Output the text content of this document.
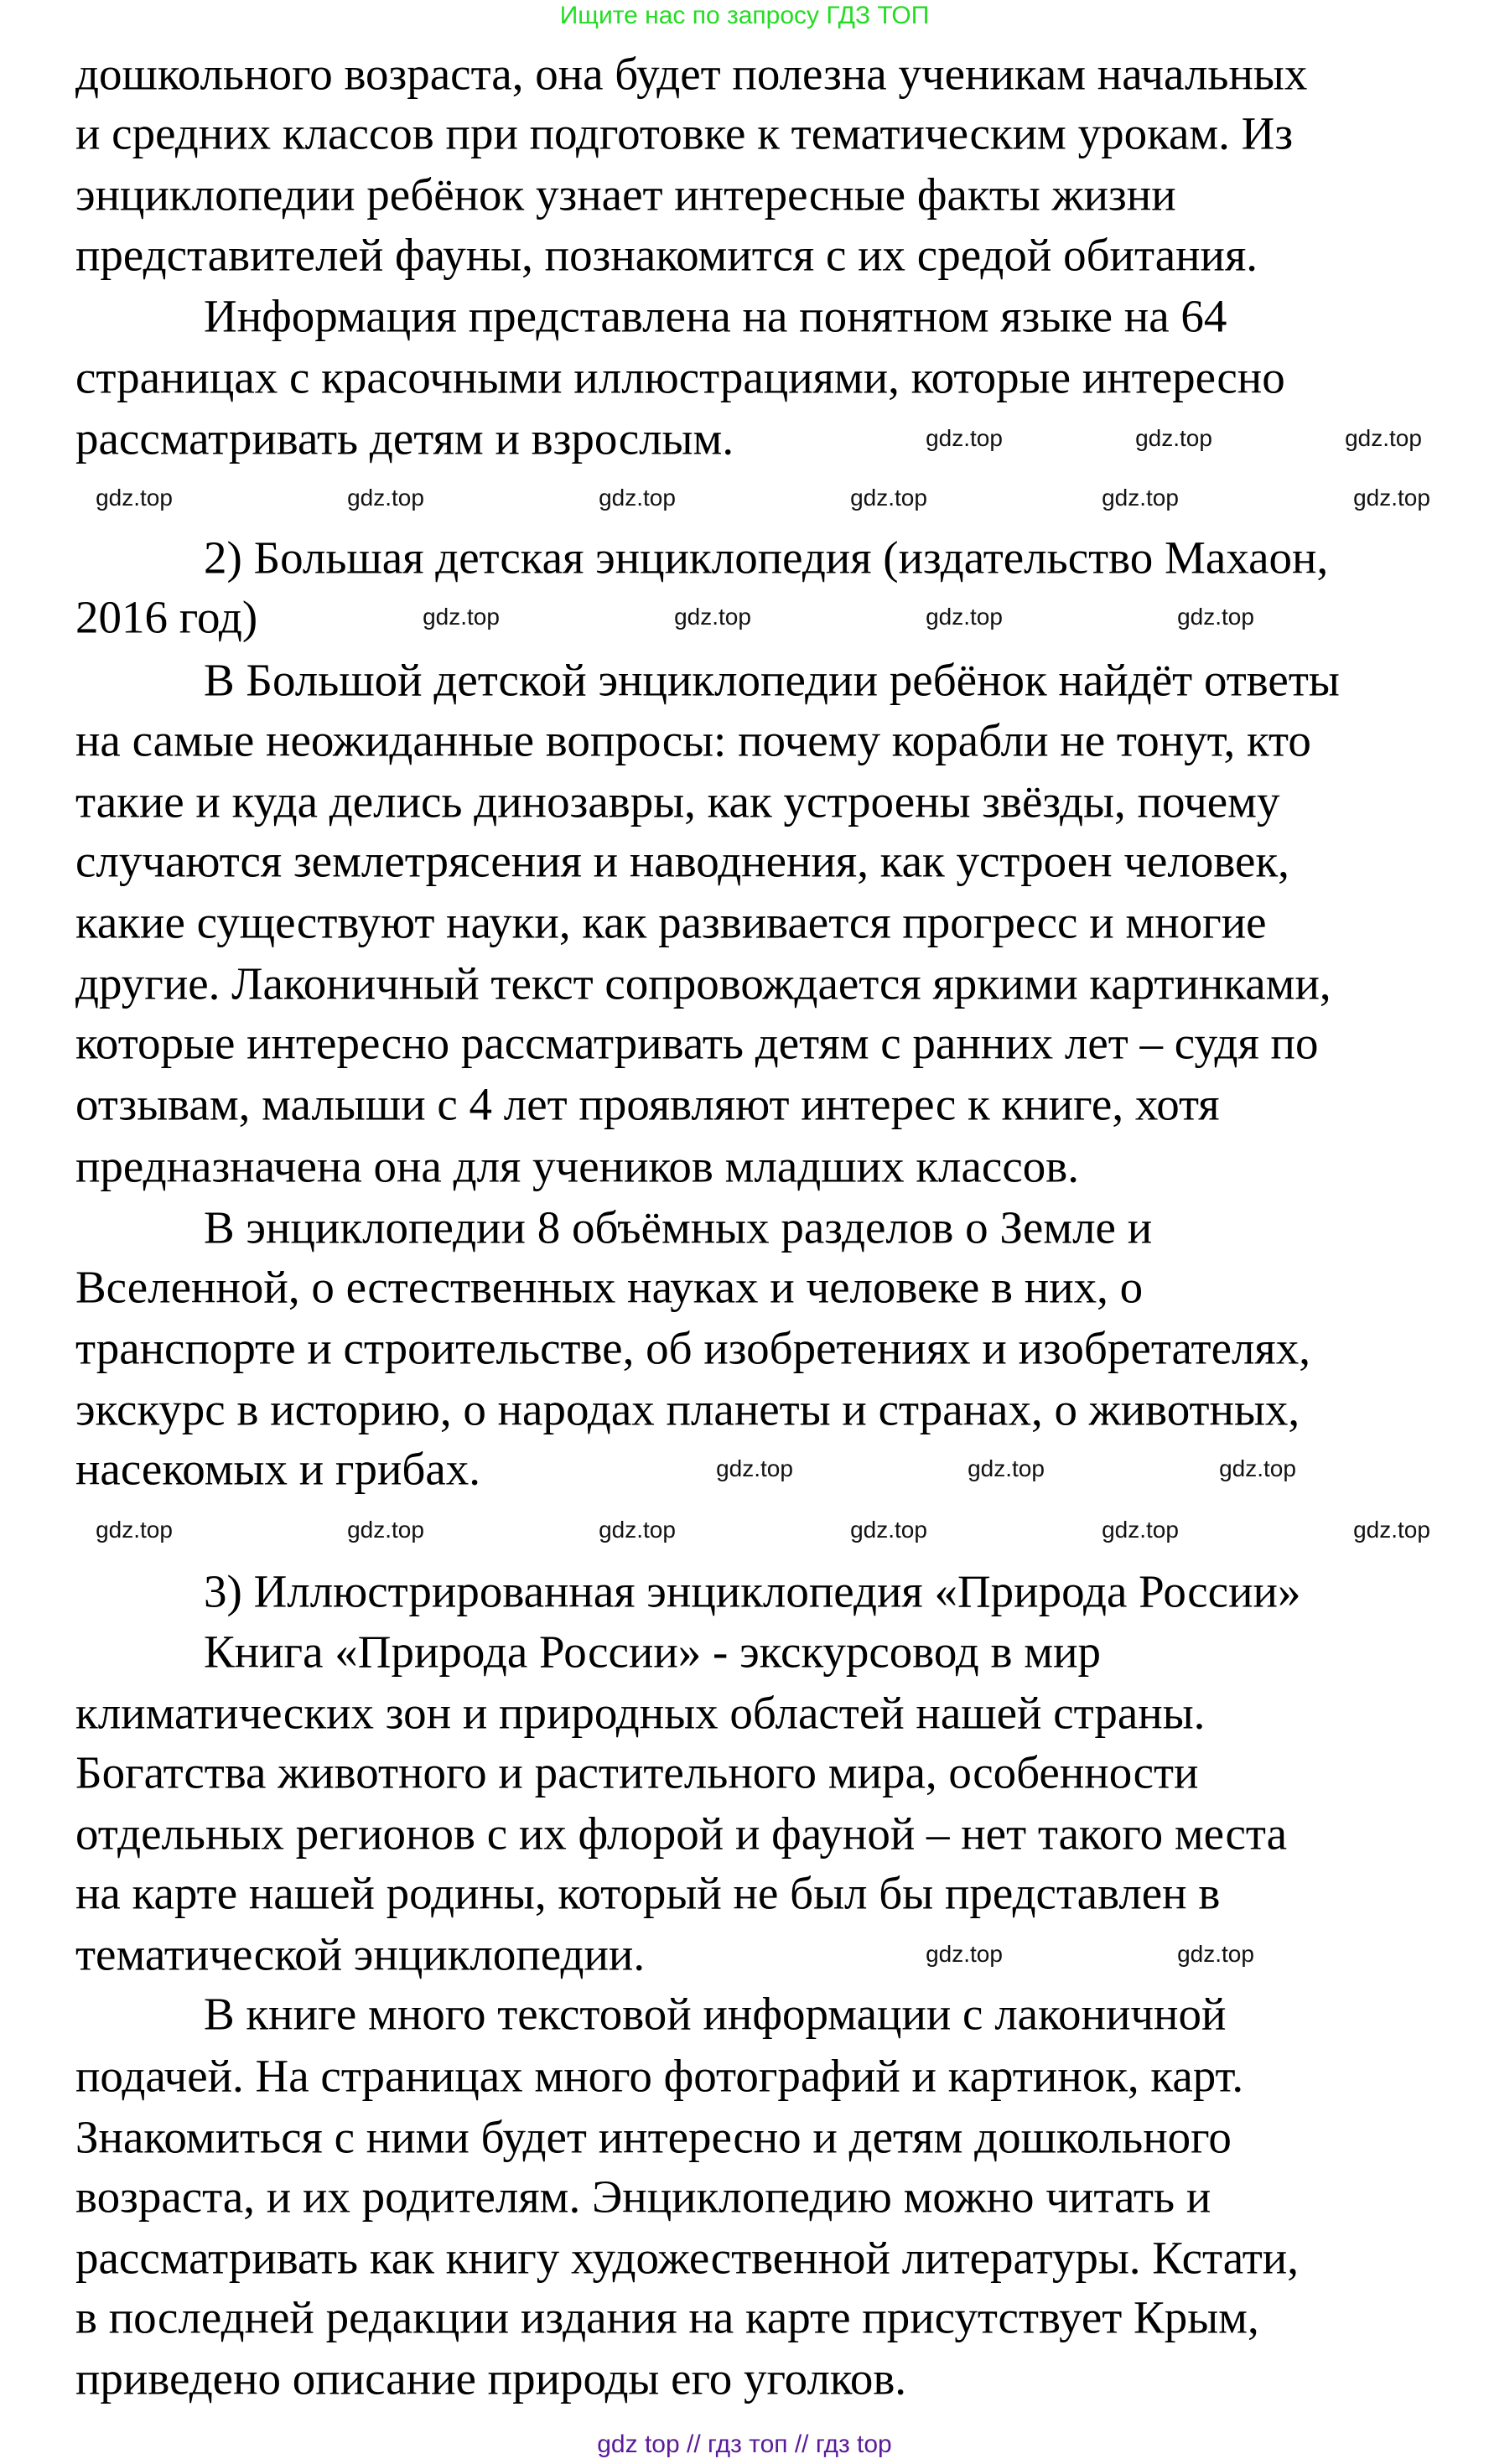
Ищите нас по запросу ГДЗ ТОП
дошкольного возраста, она будет полезна ученикам начальных
и средних классов при подготовке к тематическим урокам. Из
энциклопедии ребёнок узнает интересные факты жизни
представителей фауны, познакомится с их средой обитания.
Информация представлена на понятном языке на 64
страницах с красочными иллюстрациями, которые интересно
рассматривать детям и взрослым.
2) Большая детская энциклопедия (издательство Махаон,
2016 год)
В Большой детской энциклопедии ребёнок найдёт ответы
на самые неожиданные вопросы: почему корабли не тонут, кто
такие и куда делись динозавры, как устроены звёзды, почему
случаются землетрясения и наводнения, как устроен человек,
какие существуют науки, как развивается прогресс и многие
другие. Лаконичный текст сопровождается яркими картинками,
которые интересно рассматривать детям с ранних лет – судя по
отзывам, малыши с 4 лет проявляют интерес к книге, хотя
предназначена она для учеников младших классов.
В энциклопедии 8 объёмных разделов о Земле и
Вселенной, о естественных науках и человеке в них, о
транспорте и строительстве, об изобретениях и изобретателях,
экскурс в историю, о народах планеты и странах, о животных,
насекомых и грибах.
3) Иллюстрированная энциклопедия «Природа России»
Книга «Природа России» - экскурсовод в мир
климатических зон и природных областей нашей страны.
Богатства животного и растительного мира, особенности
отдельных регионов с их флорой и фауной – нет такого места
на карте нашей родины, который не был бы представлен в
тематической энциклопедии.
В книге много текстовой информации с лаконичной
подачей. На страницах много фотографий и картинок, карт.
Знакомиться с ними будет интересно и детям дошкольного
возраста, и их родителям. Энциклопедию можно читать и
рассматривать как книгу художественной литературы. Кстати,
в последней редакции издания на карте присутствует Крым,
приведено описание природы его уголков.
gdz.top	gdz.top	gdz.top	gdz.top	gdz.top	gdz.top
gdz.top	gdz.top	gdz.top	gdz.top	gdz.top	gdz.top
gdz.top	gdz.top	gdz.top
gdz.top	gdz.top	gdz.top	gdz.top
gdz.top	gdz.top	gdz.top
gdz.top	gdz.top
gdz top // гдз топ // гдз top
